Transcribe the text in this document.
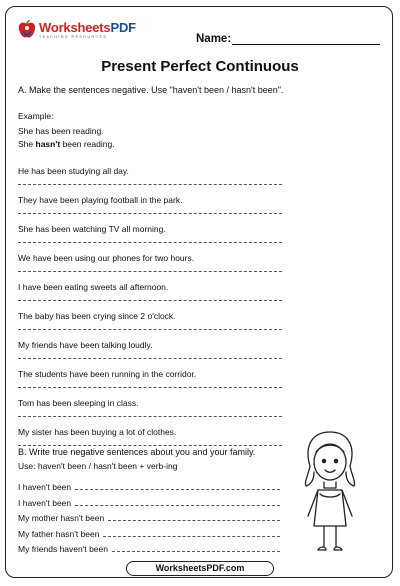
WorksheetsPDF
TEACHING RESOURCES	Name:
Present Perfect Continuous
A. Make the sentences negative. Use "haven't been / hasn't been".
Example:
She has been reading.
She hasn't been reading.
He has been studying all day.
They have been playing football in the park.
She has been watching TV all morning.
We have been using our phones for two hours.
I have been eating sweets all afternoon.
The baby has been crying since 2 o'clock.
My friends have been talking loudly.
The students have been running in the corridor.
Tom has been sleeping in class.
My sister has been buying a lot of clothes.
B. Write true negative sentences about you and your family.
Use: haven't been / hasn't been + verb-ing
I haven't been
I haven't been
My mother hasn't been
My father hasn't been
My friends haven't been
WorksheetsPDF.com
